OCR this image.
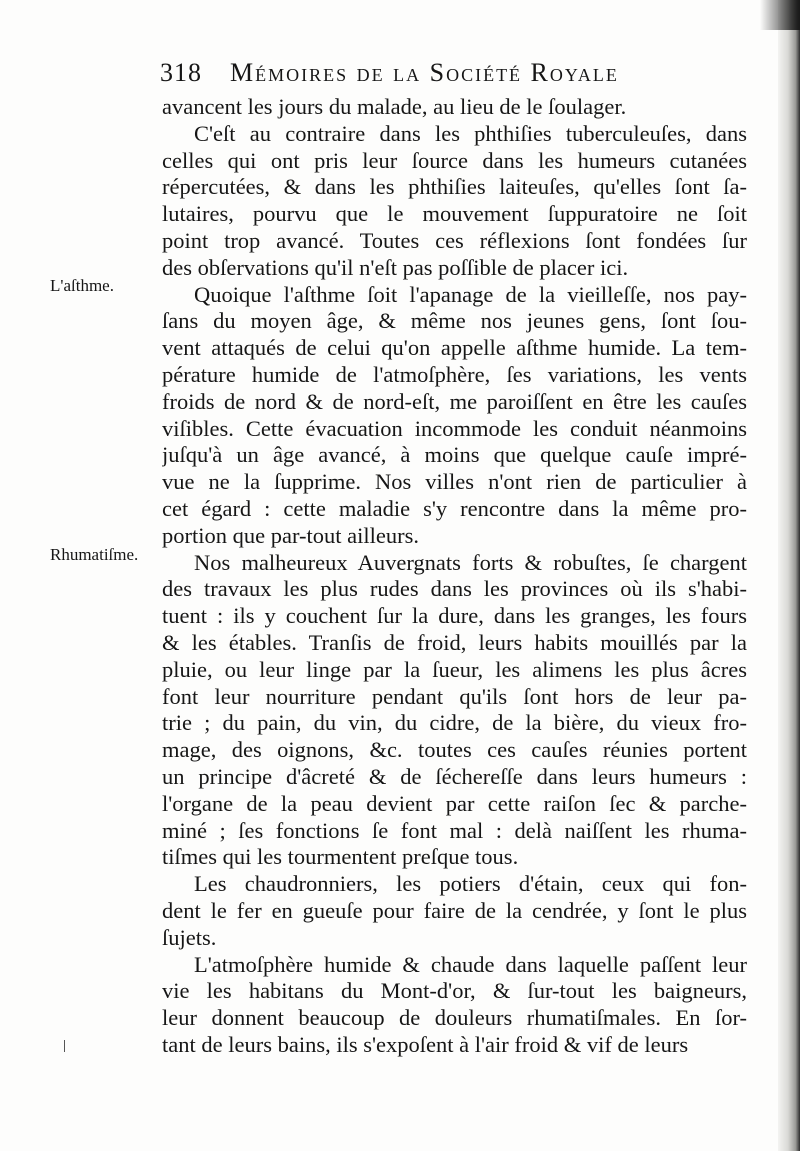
318 Mémoires de la Société Royale
L'aſthme.
Rhumatiſme.
avancent les jours du malade, au lieu de le ſoulager.
C'eſt au contraire dans les phthiſies tuberculeuſes, dans
celles qui ont pris leur ſource dans les humeurs cutanées
répercutées, & dans les phthiſies laiteuſes, qu'elles ſont ſa-
lutaires, pourvu que le mouvement ſuppuratoire ne ſoit
point trop avancé. Toutes ces réflexions ſont fondées ſur
des obſervations qu'il n'eſt pas poſſible de placer ici.
Quoique l'aſthme ſoit l'apanage de la vieilleſſe, nos pay-
ſans du moyen âge, & même nos jeunes gens, ſont ſou-
vent attaqués de celui qu'on appelle aſthme humide. La tem-
pérature humide de l'atmoſphère, ſes variations, les vents
froids de nord & de nord-eſt, me paroiſſent en être les cauſes
viſibles. Cette évacuation incommode les conduit néanmoins
juſqu'à un âge avancé, à moins que quelque cauſe impré-
vue ne la ſupprime. Nos villes n'ont rien de particulier à
cet égard : cette maladie s'y rencontre dans la même pro-
portion que par-tout ailleurs.
Nos malheureux Auvergnats forts & robuſtes, ſe chargent
des travaux les plus rudes dans les provinces où ils s'habi-
tuent : ils y couchent ſur la dure, dans les granges, les fours
& les étables. Tranſis de froid, leurs habits mouillés par la
pluie, ou leur linge par la ſueur, les alimens les plus âcres
font leur nourriture pendant qu'ils ſont hors de leur pa-
trie ; du pain, du vin, du cidre, de la bière, du vieux fro-
mage, des oignons, &c. toutes ces cauſes réunies portent
un principe d'âcreté & de ſéchereſſe dans leurs humeurs :
l'organe de la peau devient par cette raiſon ſec & parche-
miné ; ſes fonctions ſe font mal : delà naiſſent les rhuma-
tiſmes qui les tourmentent preſque tous.
Les chaudronniers, les potiers d'étain, ceux qui fon-
dent le fer en gueuſe pour faire de la cendrée, y ſont le plus
ſujets.
L'atmoſphère humide & chaude dans laquelle paſſent leur
vie les habitans du Mont-d'or, & ſur-tout les baigneurs,
leur donnent beaucoup de douleurs rhumatiſmales. En ſor-
tant de leurs bains, ils s'expoſent à l'air froid & vif de leurs
